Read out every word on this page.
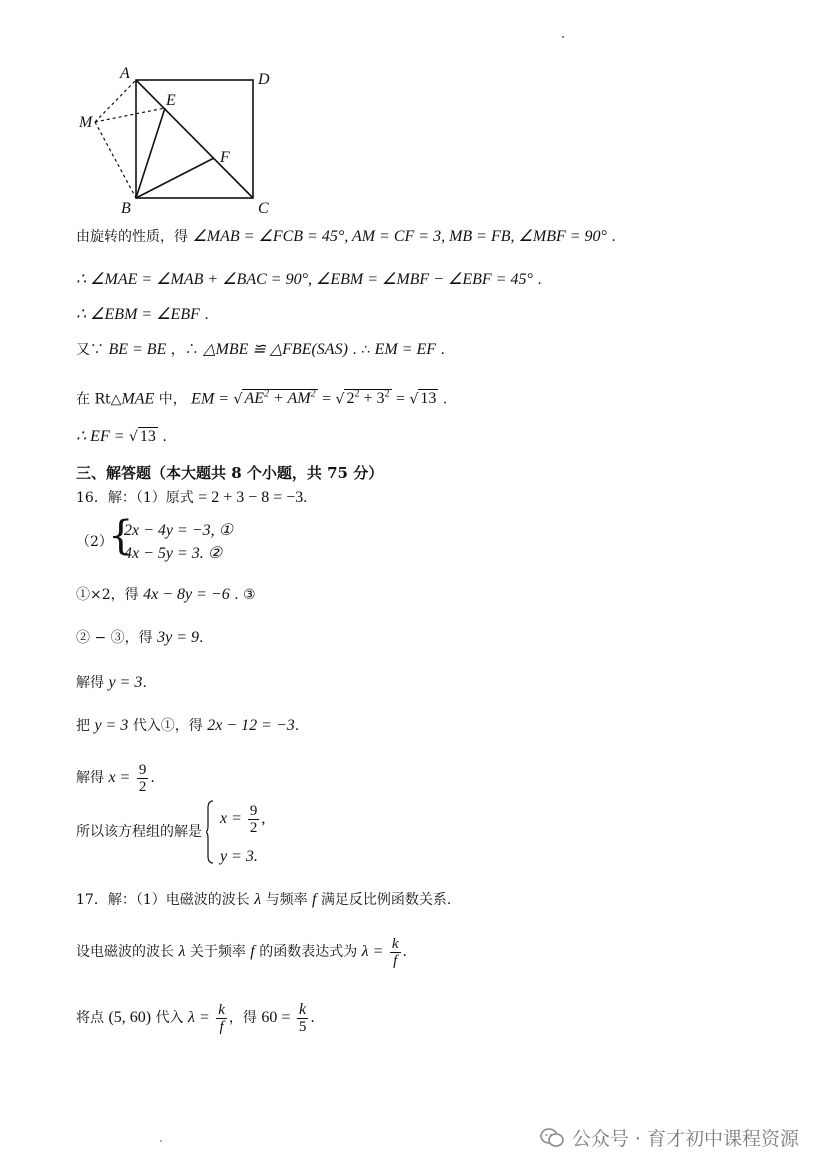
A	D
M
E
F
B	C
由旋转的性质，得 ∠MAB = ∠FCB = 45°, AM = CF = 3, MB = FB, ∠MBF = 90° .
∴ ∠MAE = ∠MAB + ∠BAC = 90°, ∠EBM = ∠MBF − ∠EBF = 45° .
∴ ∠EBM = ∠EBF .
又∵ BE = BE ，∴ △MBE ≌ △FBE(SAS) . ∴ EM = EF .
在 Rt△MAE 中， EM = √ $AE^2 + AM^2$ = √ $2^2 + 3^2$ = √ 13 .
∴ EF = √ 13 .
三、解答题（本大题共 8 个小题，共 75 分）
16．解：（1）原式 = 2 + 3 − 8 = −3.
（2）
{
2x − 4y = −3, ①
4x − 5y = 3. ②
①×2，得 4x − 8y = −6 . ③
② − ③，得 3y = 9.
解得 y = 3.
把 y = 3 代入①，得 2x − 12 = −3.
解得 $x = \frac{9}{2}$ .
所以该方程组的解是
$x = \frac{9}{2}$ ,
y = 3.
17．解：（1）电磁波的波长 λ 与频率 f 满足反比例函数关系.
设电磁波的波长 λ 关于频率 f 的函数表达式为 $\lambda = \frac{k}{f}$ .
将点 (5, 60) 代入 $\lambda = \frac{k}{f}$ ，得 $60 = \frac{k}{5}$ .
公众号 · 育才初中课程资源
